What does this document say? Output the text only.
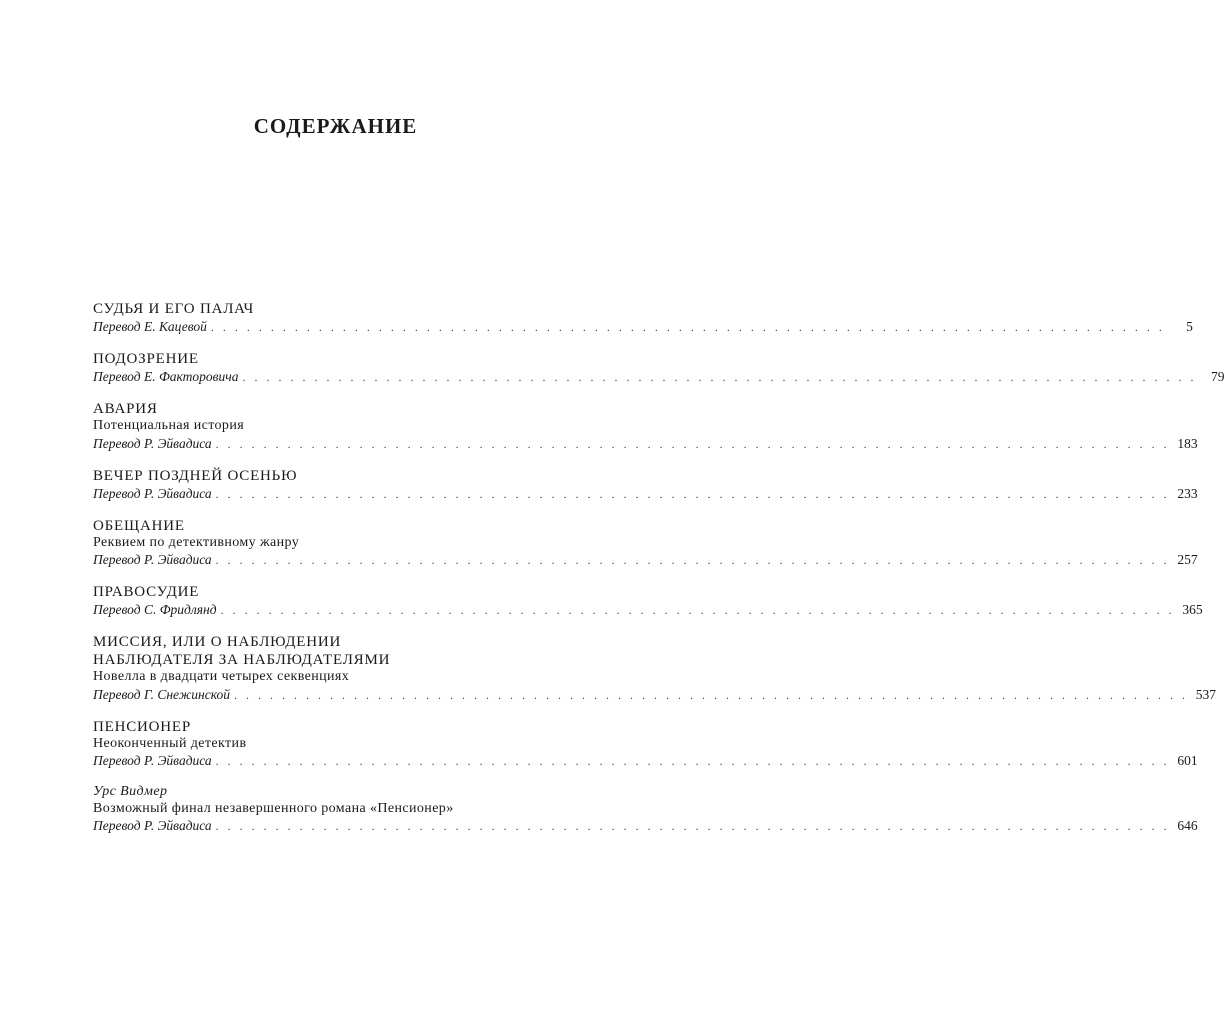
СОДЕРЖАНИЕ
СУДЬЯ И ЕГО ПАЛАЧ
Перевод Е. Кацевой . . . . . . . . . . . . . . . . . . . . . . . . . . . . . . . . . . . . . . . . . . . . . . . . . . . . . . . . . . . . . . . . . . . . . . . . . . . . . . . .	5
ПОДОЗРЕНИЕ
Перевод Е. Факторовича . . . . . . . . . . . . . . . . . . . . . . . . . . . . . . . . . . . . . . . . . . . . . . . . . . . . . . . . . . . . . . . . . . . . . . . . . . . . . . . .	79
АВАРИЯ
Потенциальная история
Перевод Р. Эйвадиса . . . . . . . . . . . . . . . . . . . . . . . . . . . . . . . . . . . . . . . . . . . . . . . . . . . . . . . . . . . . . . . . . . . . . . . . . . . . . . . . 183
ВЕЧЕР ПОЗДНЕЙ ОСЕНЬЮ
Перевод Р. Эйвадиса . . . . . . . . . . . . . . . . . . . . . . . . . . . . . . . . . . . . . . . . . . . . . . . . . . . . . . . . . . . . . . . . . . . . . . . . . . . . . . . . 233
ОБЕЩАНИЕ
Реквием по детективному жанру
Перевод Р. Эйвадиса . . . . . . . . . . . . . . . . . . . . . . . . . . . . . . . . . . . . . . . . . . . . . . . . . . . . . . . . . . . . . . . . . . . . . . . . . . . . . . . . 257
ПРАВОСУДИЕ
Перевод С. Фридлянд . . . . . . . . . . . . . . . . . . . . . . . . . . . . . . . . . . . . . . . . . . . . . . . . . . . . . . . . . . . . . . . . . . . . . . . . . . . . . . . . 365
МИССИЯ, ИЛИ О НАБЛЮДЕНИИ
НАБЛЮДАТЕЛЯ ЗА НАБЛЮДАТЕЛЯМИ
Новелла в двадцати четырех секвенциях
Перевод Г. Снежинской . . . . . . . . . . . . . . . . . . . . . . . . . . . . . . . . . . . . . . . . . . . . . . . . . . . . . . . . . . . . . . . . . . . . . . . . . . . . . . . . 537
ПЕНСИОНЕР
Неоконченный детектив
Перевод Р. Эйвадиса . . . . . . . . . . . . . . . . . . . . . . . . . . . . . . . . . . . . . . . . . . . . . . . . . . . . . . . . . . . . . . . . . . . . . . . . . . . . . . . . 601
Урс Видмер
Возможный финал незавершенного романа «Пенсионер»
Перевод Р. Эйвадиса . . . . . . . . . . . . . . . . . . . . . . . . . . . . . . . . . . . . . . . . . . . . . . . . . . . . . . . . . . . . . . . . . . . . . . . . . . . . . . . . 646
